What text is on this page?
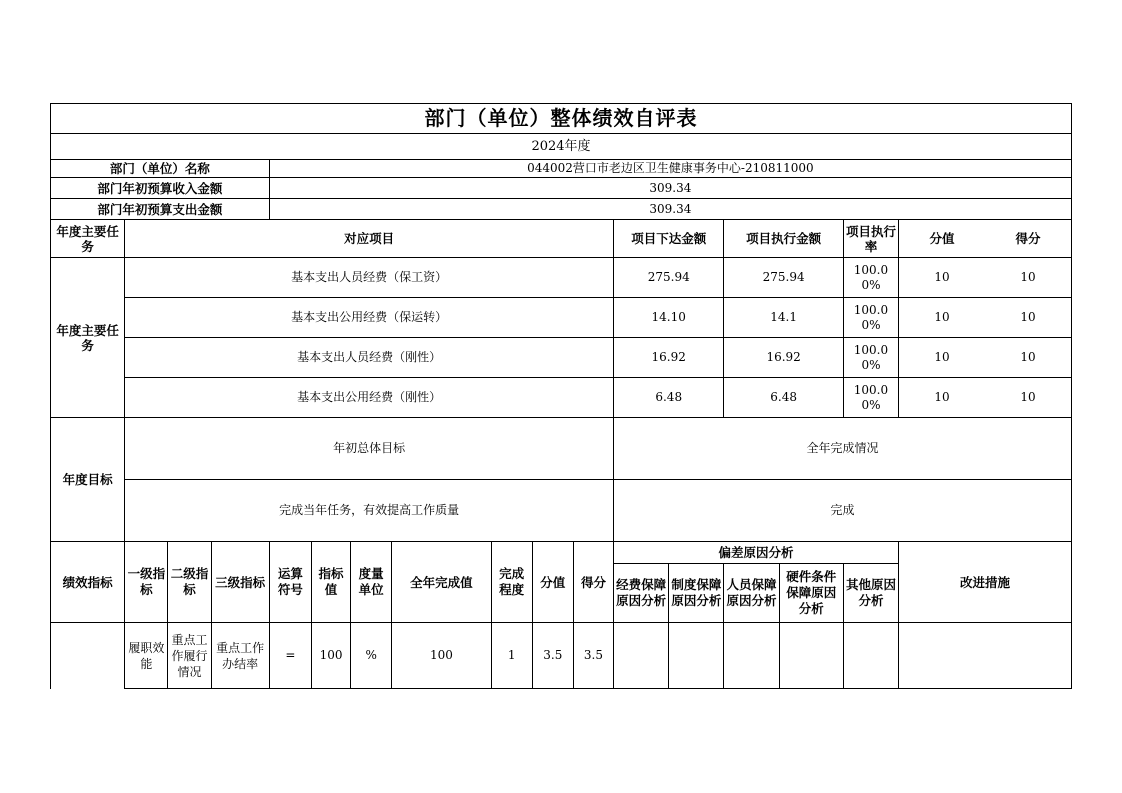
部门（单位）整体绩效自评表																
2024年度																
部门（单位）名称				044002营口市老边区卫生健康事务中心-210811000												
部门年初预算收入金额				309.34												
部门年初预算支出金额				309.34												
年度主要任务	对应项目										项目下达金额		项目执行金额		项目执行率	分值 得分

年度主要任务	基本支出人员经费（保工资）										275.94		275.94		100.00%	10 10

	基本支出公用经费（保运转）										14.10		14.1		100.00%	10 10

	基本支出人员经费（刚性）										16.92		16.92		100.00%	10 10

	基本支出公用经费（刚性）										6.48		6.48		100.00%	10 10

年度目标	年初总体目标										全年完成情况					
	完成当年任务，有效提高工作质量										完成					
绩效指标	一级指标	二级指标	三级指标	运算符号	指标值	度量单位	全年完成值	完成程度	分值	得分	偏差原因分析					改进措施
											经费保障原因分析	制度保障原因分析	人员保障原因分析	硬件条件保障原因分析	其他原因分析	
	履职效能	重点工作履行情况	重点工作办结率	=	100	%	100	1	3.5	3.5						
